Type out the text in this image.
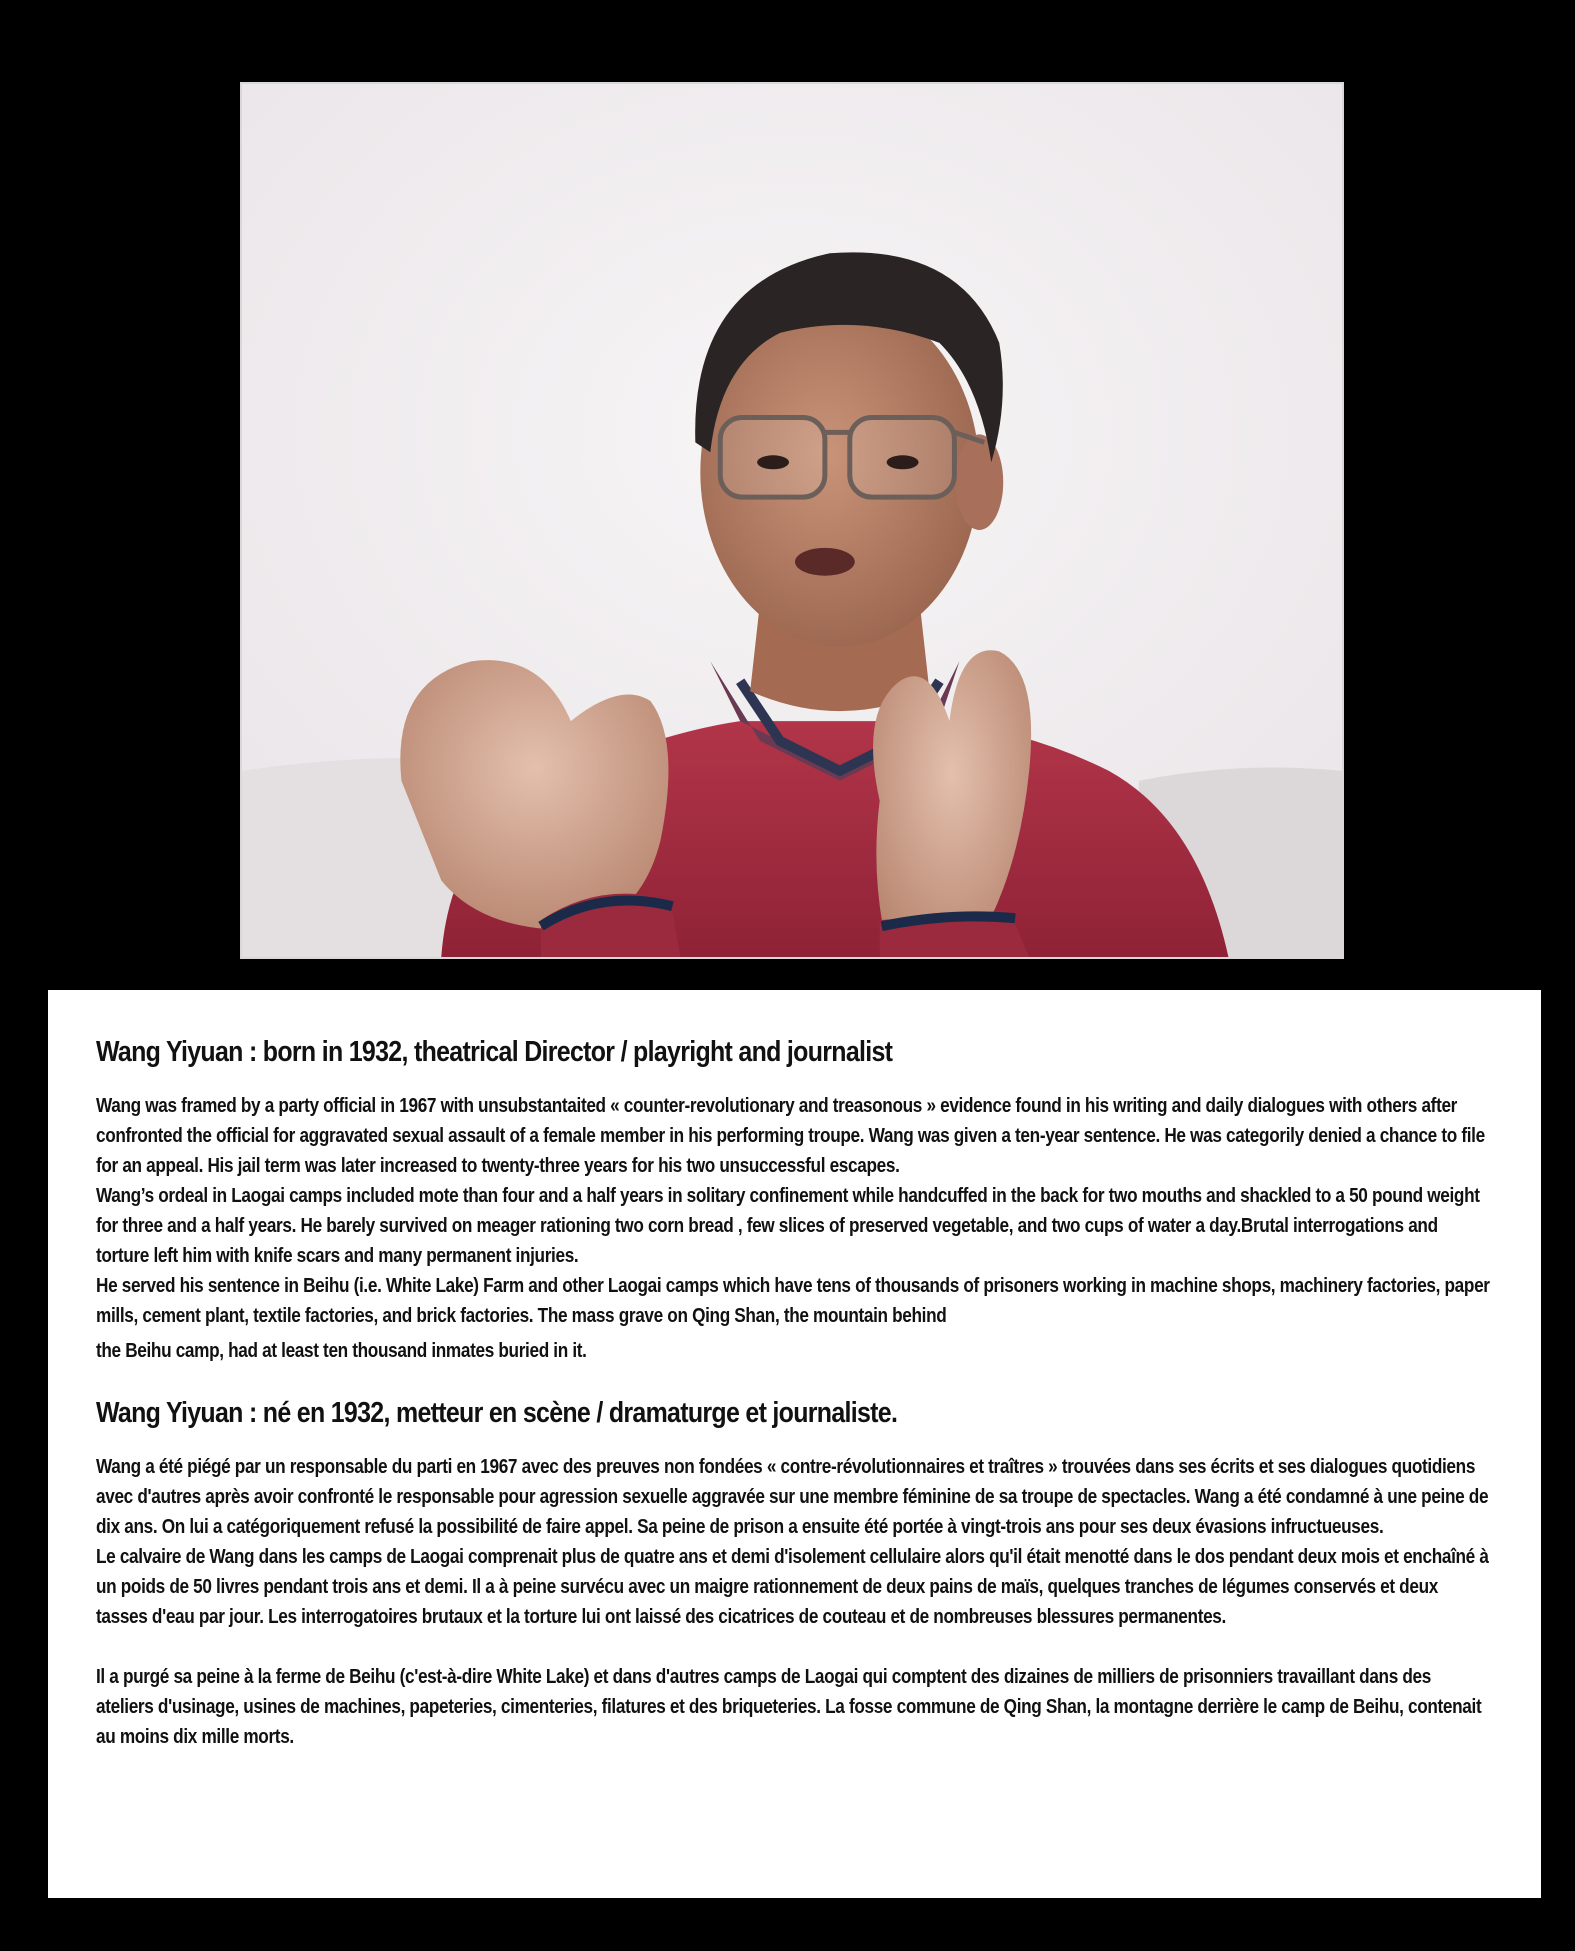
Wang Yiyuan : born in 1932, theatrical Director / playright and journalist

Wang was framed by a party official in 1967 with unsubstantaited « counter-revolutionary and treasonous » evidence found in his writing and daily dialogues with others after confronted the official for aggravated sexual assault of a female member in his performing troupe. Wang was given a ten-year sentence. He was categorily denied a chance to file for an appeal. His jail term was later increased to twenty-three years for his two unsuccessful escapes.

Wang’s ordeal in Laogai camps included mote than four and a half years in solitary confinement while handcuffed in the back for two mouths and shackled to a 50 pound weight for three and a half years. He barely survived on meager rationing two corn bread , few slices of preserved vegetable, and two cups of water a day.Brutal interrogations and torture left him with knife scars and many permanent injuries.

He served his sentence in Beihu (i.e. White Lake) Farm and other Laogai camps which have tens of thousands of prisoners working in machine shops, machinery factories, paper mills, cement plant, textile factories, and brick factories. The mass grave on Qing Shan, the mountain behind

the Beihu camp, had at least ten thousand inmates buried in it.

Wang Yiyuan : né en 1932, metteur en scène / dramaturge et journaliste.

Wang a été piégé par un responsable du parti en 1967 avec des preuves non fondées « contre-révolutionnaires et traîtres » trouvées dans ses écrits et ses dialogues quotidiens avec d'autres après avoir confronté le responsable pour agression sexuelle aggravée sur une membre féminine de sa troupe de spectacles. Wang a été condamné à une peine de dix ans. On lui a catégoriquement refusé la possibilité de faire appel. Sa peine de prison a ensuite été portée à vingt-trois ans pour ses deux évasions infructueuses.

Le calvaire de Wang dans les camps de Laogai comprenait plus de quatre ans et demi d'isolement cellulaire alors qu'il était menotté dans le dos pendant deux mois et enchaîné à un poids de 50 livres pendant trois ans et demi. Il a à peine survécu avec un maigre rationnement de deux pains de maïs, quelques tranches de légumes conservés et deux tasses d'eau par jour. Les interrogatoires brutaux et la torture lui ont laissé des cicatrices de couteau et de nombreuses blessures permanentes.

Il a purgé sa peine à la ferme de Beihu (c'est-à-dire White Lake) et dans d'autres camps de Laogai qui comptent des dizaines de milliers de prisonniers travaillant dans des ateliers d'usinage, usines de machines, papeteries, cimenteries, filatures et des briqueteries. La fosse commune de Qing Shan, la montagne derrière le camp de Beihu, contenait au moins dix mille morts.
